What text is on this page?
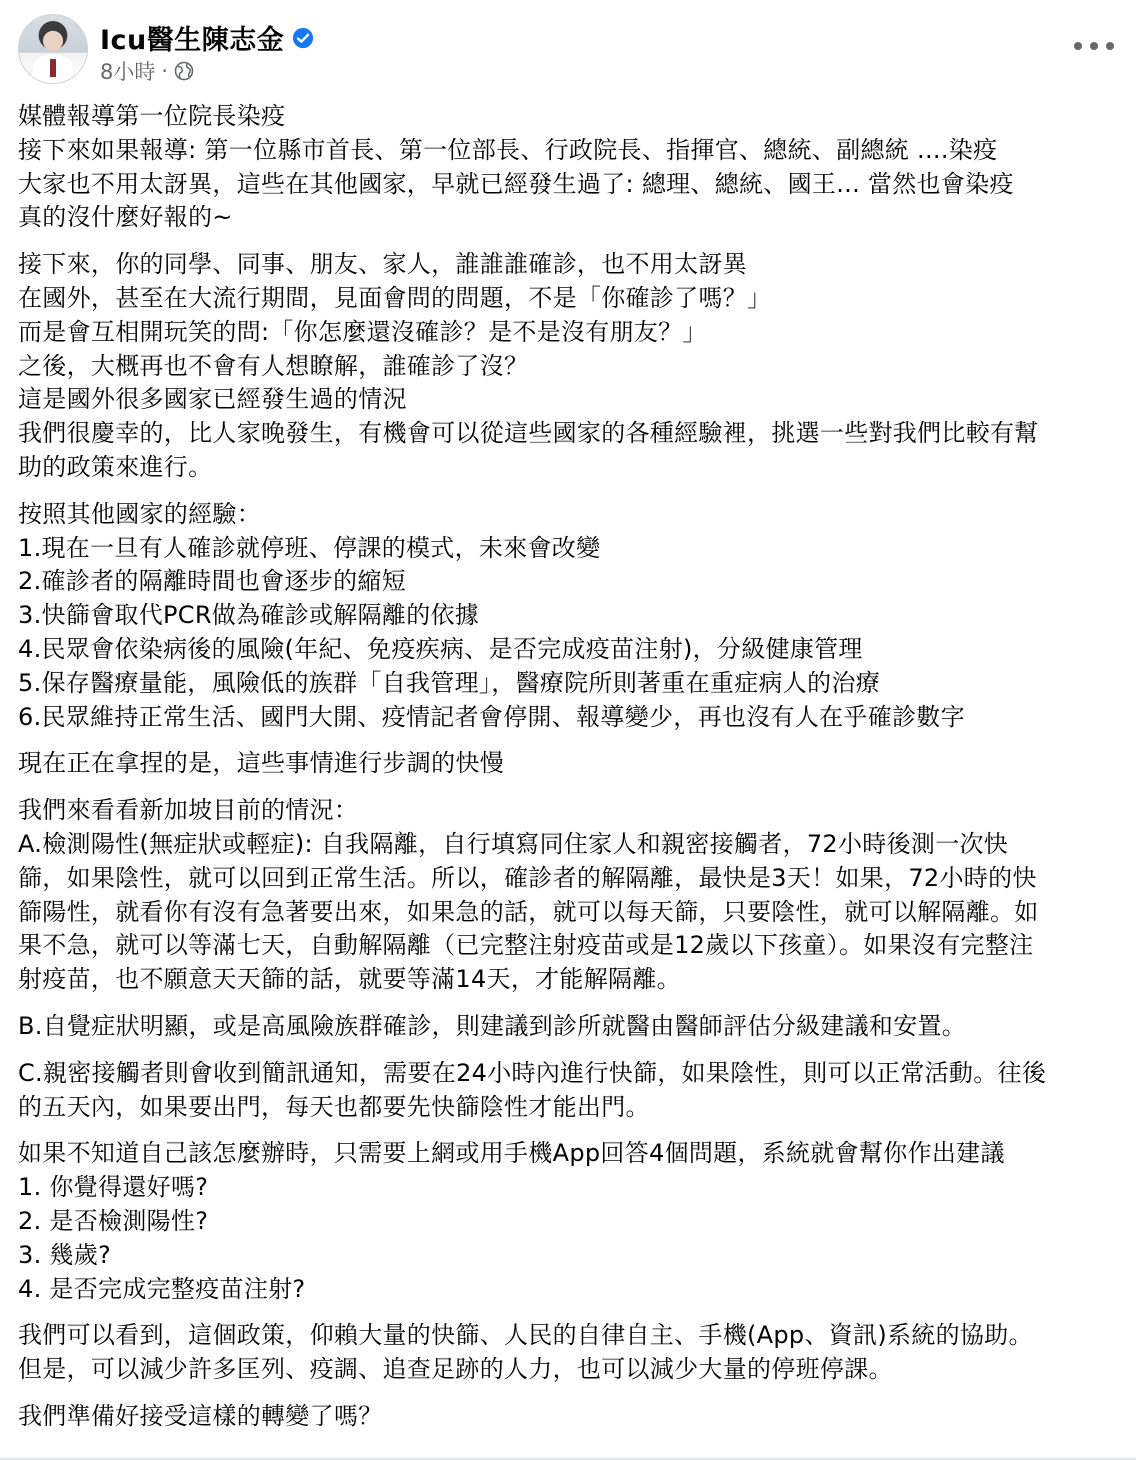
Icu醫生陳志金
8小時 ·
媒體報導第一位院長染疫
接下來如果報導: 第一位縣市首長、第一位部長、行政院長、指揮官、總統、副總統 ....染疫
大家也不用太訝異，這些在其他國家，早就已經發生過了: 總理、總統、國王... 當然也會染疫
真的沒什麼好報的~
接下來，你的同學、同事、朋友、家人，誰誰誰確診，也不用太訝異
在國外，甚至在大流行期間，見面會問的問題，不是「你確診了嗎？」
而是會互相開玩笑的問:「你怎麼還沒確診？是不是沒有朋友？」
之後，大概再也不會有人想瞭解，誰確診了沒？
這是國外很多國家已經發生過的情況
我們很慶幸的，比人家晚發生，有機會可以從這些國家的各種經驗裡，挑選一些對我們比較有幫
助的政策來進行。
按照其他國家的經驗：
1.現在一旦有人確診就停班、停課的模式，未來會改變
2.確診者的隔離時間也會逐步的縮短
3.快篩會取代PCR做為確診或解隔離的依據
4.民眾會依染病後的風險(年紀、免疫疾病、是否完成疫苗注射)，分級健康管理
5.保存醫療量能，風險低的族群「自我管理」，醫療院所則著重在重症病人的治療
6.民眾維持正常生活、國門大開、疫情記者會停開、報導變少，再也沒有人在乎確診數字
現在正在拿捏的是，這些事情進行步調的快慢
我們來看看新加坡目前的情況：
A.檢測陽性(無症狀或輕症): 自我隔離，自行填寫同住家人和親密接觸者，72小時後測一次快
篩，如果陰性，就可以回到正常生活。所以，確診者的解隔離，最快是3天！如果，72小時的快
篩陽性，就看你有沒有急著要出來，如果急的話，就可以每天篩，只要陰性，就可以解隔離。如
果不急，就可以等滿七天，自動解隔離（已完整注射疫苗或是12歲以下孩童）。如果沒有完整注
射疫苗，也不願意天天篩的話，就要等滿14天，才能解隔離。
B.自覺症狀明顯，或是高風險族群確診，則建議到診所就醫由醫師評估分級建議和安置。
C.親密接觸者則會收到簡訊通知，需要在24小時內進行快篩，如果陰性，則可以正常活動。往後
的五天內，如果要出門，每天也都要先快篩陰性才能出門。
如果不知道自己該怎麼辦時，只需要上網或用手機App回答4個問題，系統就會幫你作出建議
1. 你覺得還好嗎?
2. 是否檢測陽性?
3. 幾歲?
4. 是否完成完整疫苗注射?
我們可以看到，這個政策，仰賴大量的快篩、人民的自律自主、手機(App、資訊)系統的協助。
但是，可以減少許多匡列、疫調、追查足跡的人力，也可以減少大量的停班停課。
我們準備好接受這樣的轉變了嗎？
